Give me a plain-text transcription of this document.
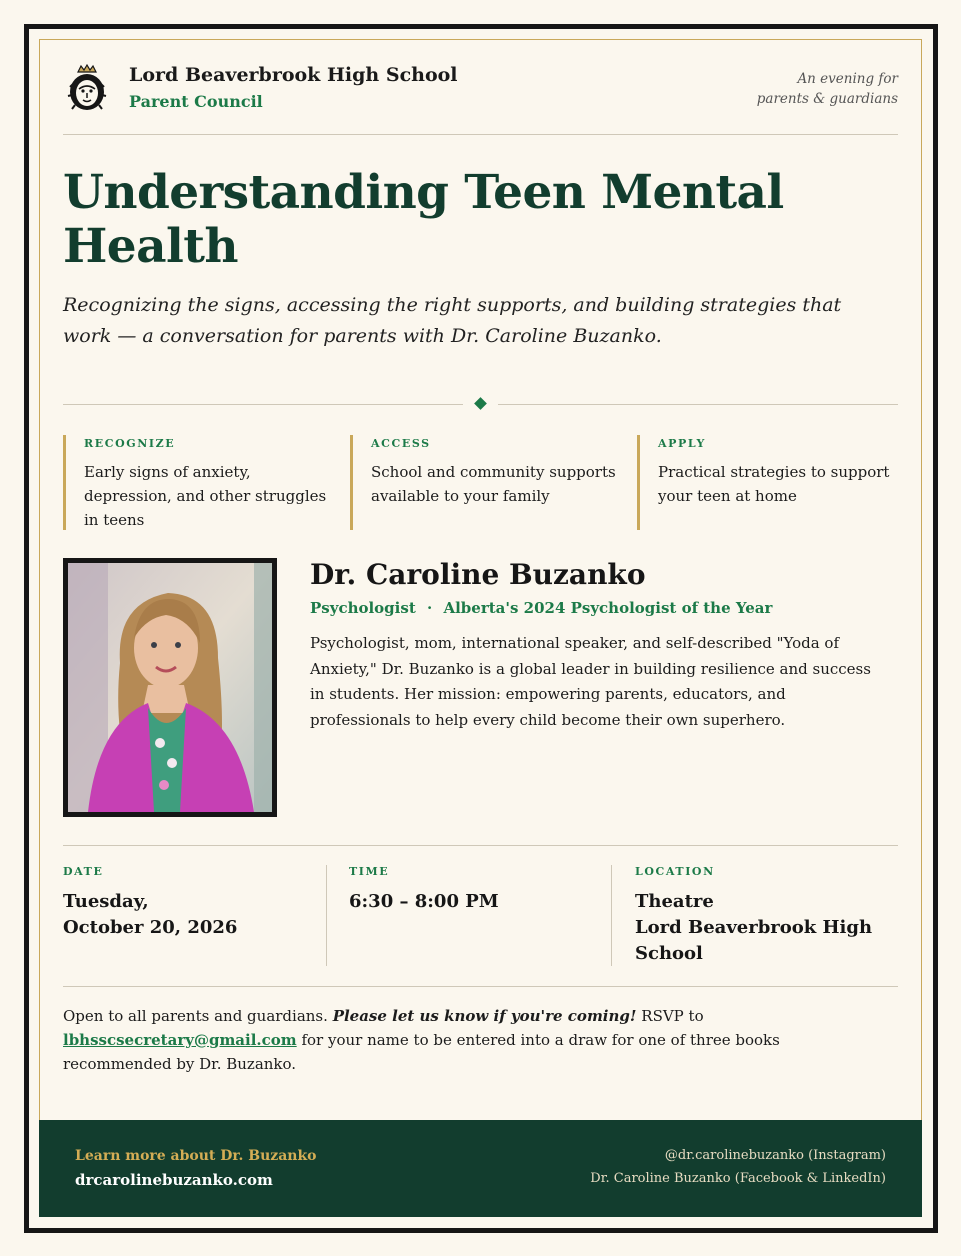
Lord Beaverbrook High School
Parent Council
An evening for
parents & guardians
Understanding Teen Mental Health
Recognizing the signs, accessing the right supports, and building strategies that work — a conversation for parents with Dr. Caroline Buzanko.
RECOGNIZE
Early signs of anxiety, depression, and other struggles in teens
ACCESS
School and community supports available to your family
APPLY
Practical strategies to support your teen at home
Dr. Caroline Buzanko
Psychologist · Alberta's 2024 Psychologist of the Year
Psychologist, mom, international speaker, and self-described "Yoda of Anxiety," Dr. Buzanko is a global leader in building resilience and success in students. Her mission: empowering parents, educators, and professionals to help every child become their own superhero.
DATE
Tuesday,
October 20, 2026
TIME
6:30 – 8:00 PM
LOCATION
Theatre
Lord Beaverbrook High School
Open to all parents and guardians. Please let us know if you're coming! RSVP to
lbhsscsecretary@gmail.com for your name to be entered into a draw for one of three books recommended by Dr. Buzanko.
Learn more about Dr. Buzanko
drcarolinebuzanko.com
@dr.carolinebuzanko (Instagram)
Dr. Caroline Buzanko (Facebook & LinkedIn)
